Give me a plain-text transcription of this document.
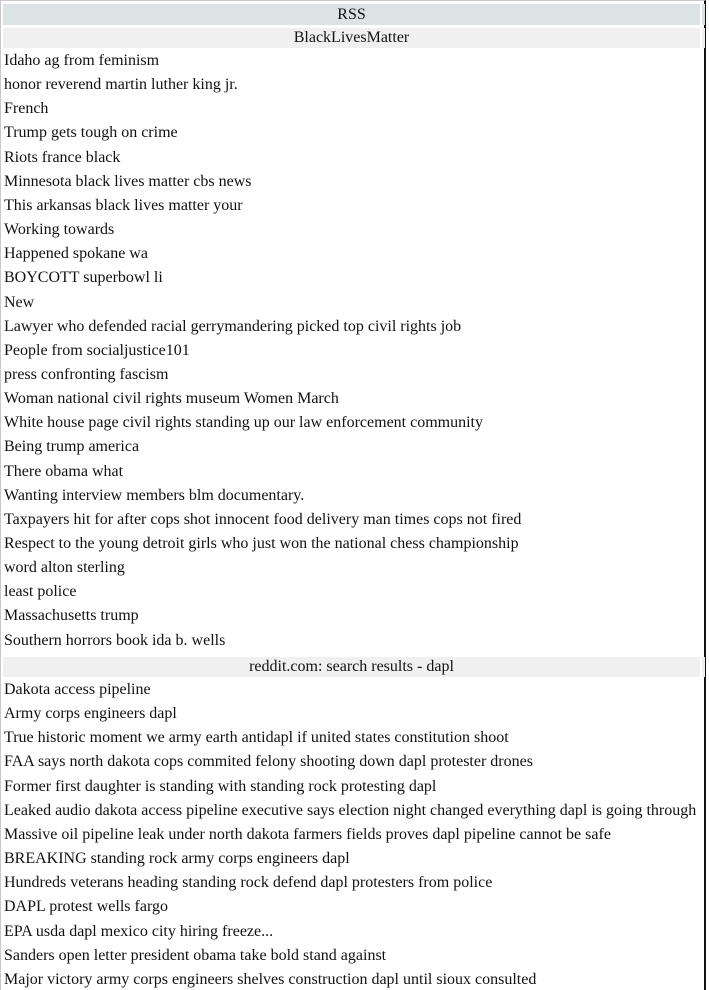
RSS
BlackLivesMatter
Idaho ag from feminism
honor reverend martin luther king jr.
French
Trump gets tough on crime
Riots france black
Minnesota black lives matter cbs news
This arkansas black lives matter your
Working towards
Happened spokane wa
BOYCOTT superbowl li
New
Lawyer who defended racial gerrymandering picked top civil rights job
People from socialjustice101
press confronting fascism
Woman national civil rights museum Women March
White house page civil rights standing up our law enforcement community
Being trump america
There obama what
Wanting interview members blm documentary.
Taxpayers hit for after cops shot innocent food delivery man times cops not fired
Respect to the young detroit girls who just won the national chess championship
word alton sterling
least police
Massachusetts trump
Southern horrors book ida b. wells
reddit.com: search results - dapl
Dakota access pipeline
Army corps engineers dapl
True historic moment we army earth antidapl if united states constitution shoot
FAA says north dakota cops commited felony shooting down dapl protester drones
Former first daughter is standing with standing rock protesting dapl
Leaked audio dakota access pipeline executive says election night changed everything dapl is going through
Massive oil pipeline leak under north dakota farmers fields proves dapl pipeline cannot be safe
BREAKING standing rock army corps engineers dapl
Hundreds veterans heading standing rock defend dapl protesters from police
DAPL protest wells fargo
EPA usda dapl mexico city hiring freeze...
Sanders open letter president obama take bold stand against
Major victory army corps engineers shelves construction dapl until sioux consulted
